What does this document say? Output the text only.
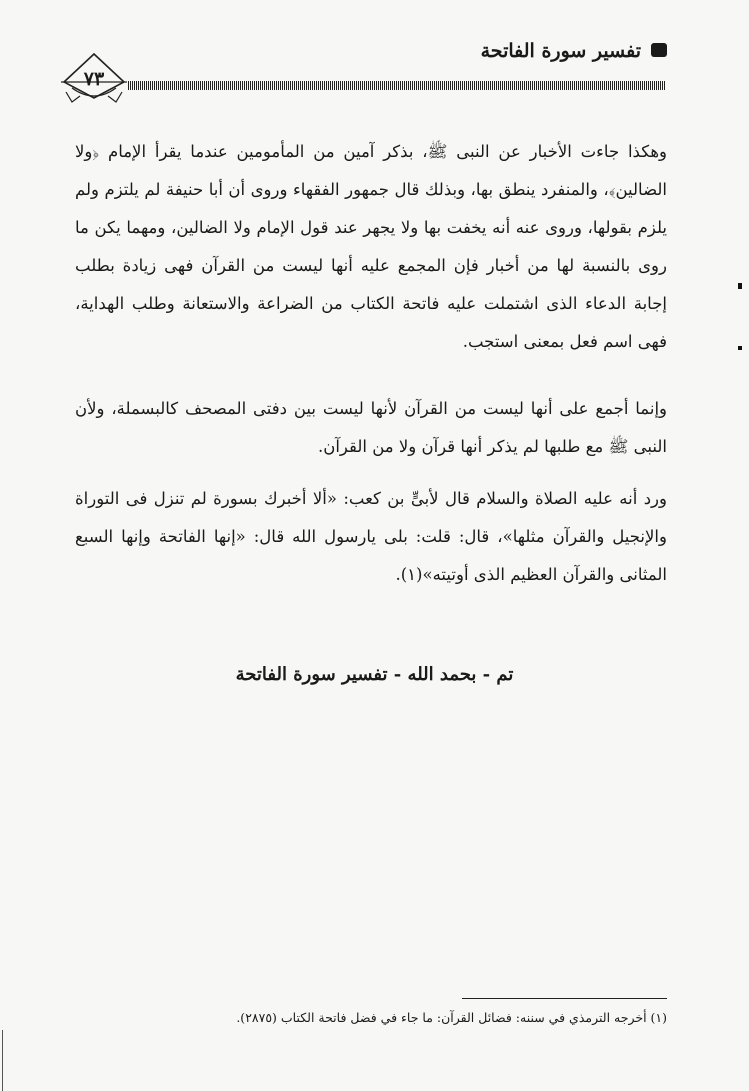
تفسير سورة الفاتحة
٧٣
وهكذا جاءت الأخبار عن النبى ﷺ، بذكر آمين من المأمومين عندما يقرأ الإمام ﴿ولا الضالين﴾، والمنفرد ينطق بها، وبذلك قال جمهور الفقهاء وروى أن أبا حنيفة لم يلتزم ولم يلزم بقولها، وروى عنه أنه يخفت بها ولا يجهر عند قول الإمام ولا الضالين، ومهما يكن ما روى بالنسبة لها من أخبار فإن المجمع عليه أنها ليست من القرآن فهى زيادة بطلب إجابة الدعاء الذى اشتملت عليه فاتحة الكتاب من الضراعة والاستعانة وطلب الهداية، فهى اسم فعل بمعنى استجب.
وإنما أجمع على أنها ليست من القرآن لأنها ليست بين دفتى المصحف كالبسملة، ولأن النبى ﷺ مع طلبها لم يذكر أنها قرآن ولا من القرآن.
ورد أنه عليه الصلاة والسلام قال لأبىٍّ بن كعب: «ألا أخبرك بسورة لم تنزل فى التوراة والإنجيل والقرآن مثلها»، قال: قلت: بلى يارسول الله قال: «إنها الفاتحة وإنها السبع المثانى والقرآن العظيم الذى أوتيته»(١).
تم - بحمد الله - تفسير سورة الفاتحة
(١) أخرجه الترمذي في سننه: فضائل القرآن: ما جاء في فضل فاتحة الكتاب (٢٨٧٥).
